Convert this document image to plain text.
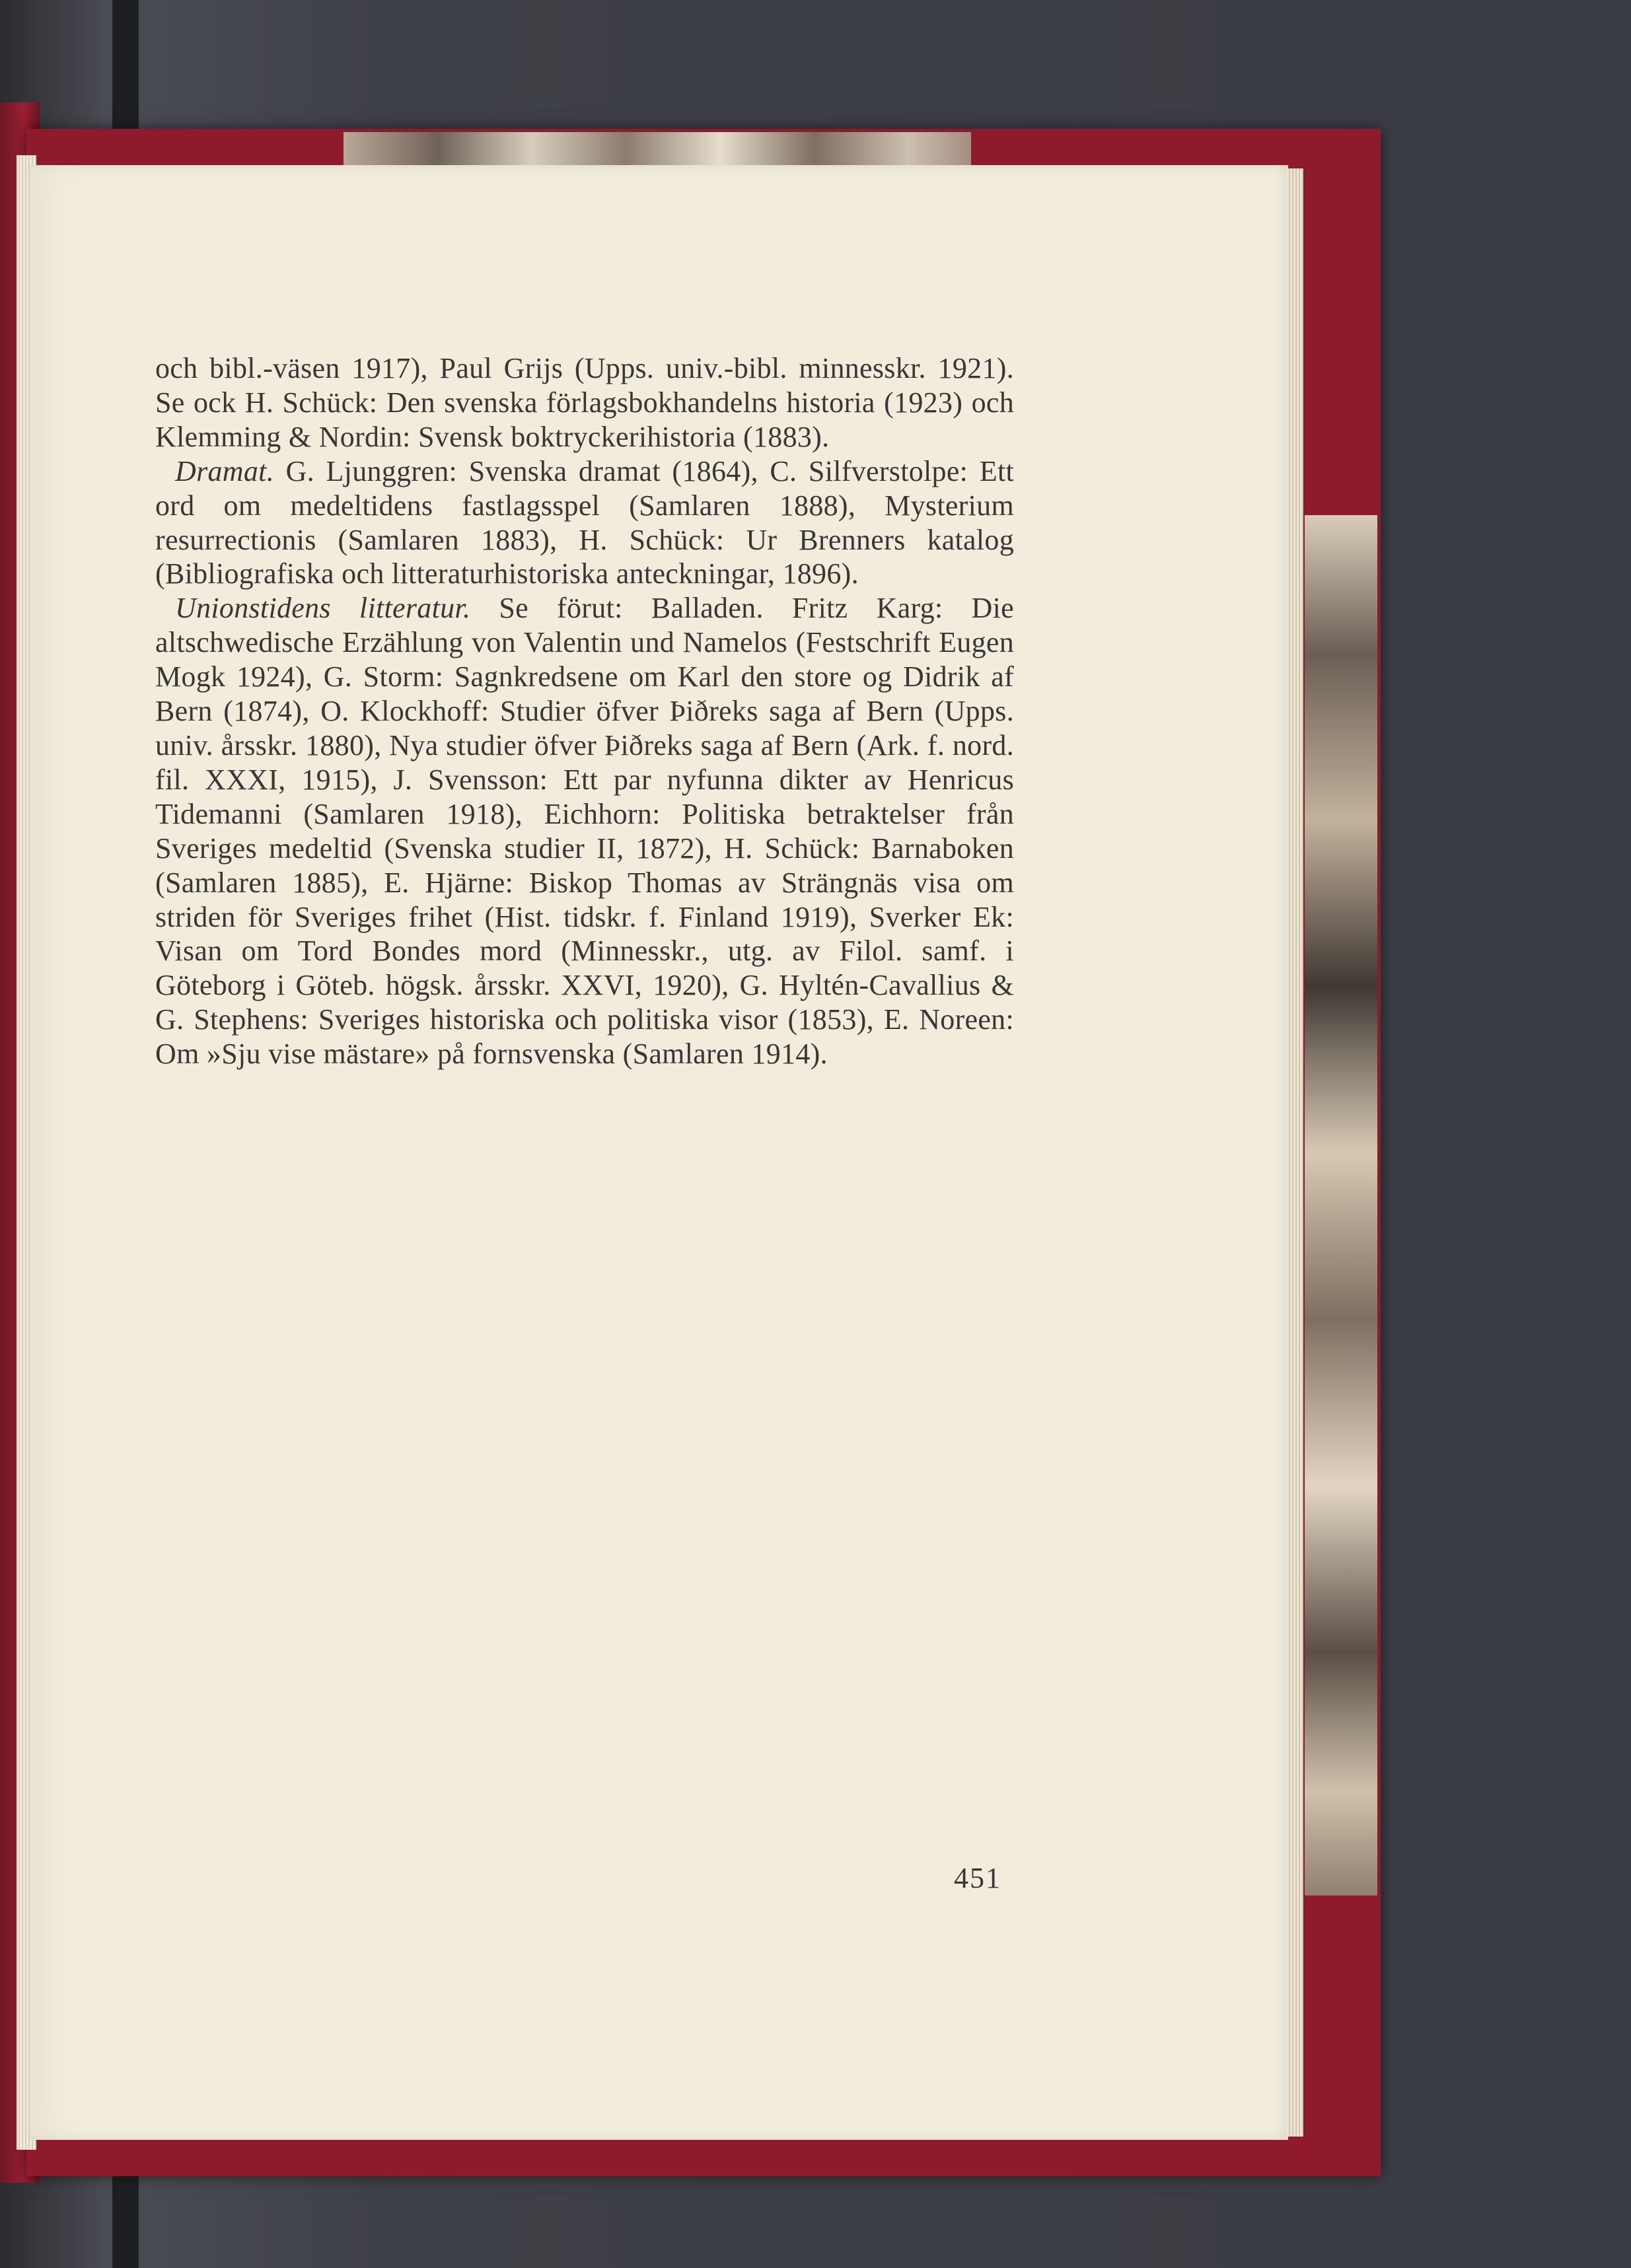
och bibl.-väsen 1917), Paul Grijs (Upps. univ.-bibl. minnesskr. 1921). Se ock H. Schück: Den svenska förlagsbokhandelns historia (1923) och Klemming & Nordin: Svensk boktryckerihistoria (1883).

Dramat. G. Ljunggren: Svenska dramat (1864), C. Silfverstolpe: Ett ord om medeltidens fastlagsspel (Samlaren 1888), Mysterium resurrectionis (Samlaren 1883), H. Schück: Ur Brenners katalog (Bibliografiska och litteraturhistoriska anteckningar, 1896).

Unionstidens litteratur. Se förut: Balladen. Fritz Karg: Die altschwedische Erzählung von Valentin und Namelos (Festschrift Eugen Mogk 1924), G. Storm: Sagnkredsene om Karl den store og Didrik af Bern (1874), O. Klockhoff: Studier öfver Þiðreks saga af Bern (Upps. univ. årsskr. 1880), Nya studier öfver Þiðreks saga af Bern (Ark. f. nord. fil. XXXI, 1915), J. Svensson: Ett par nyfunna dikter av Henricus Tidemanni (Samlaren 1918), Eichhorn: Politiska betraktelser från Sveriges medeltid (Svenska studier II, 1872), H. Schück: Barnaboken (Samlaren 1885), E. Hjärne: Biskop Thomas av Strängnäs visa om striden för Sveriges frihet (Hist. tidskr. f. Finland 1919), Sverker Ek: Visan om Tord Bondes mord (Minnesskr., utg. av Filol. samf. i Göteborg i Göteb. högsk. årsskr. XXVI, 1920), G. Hyltén-Cavallius & G. Stephens: Sveriges historiska och politiska visor (1853), E. Noreen: Om »Sju vise mästare» på fornsvenska (Samlaren 1914).

451
